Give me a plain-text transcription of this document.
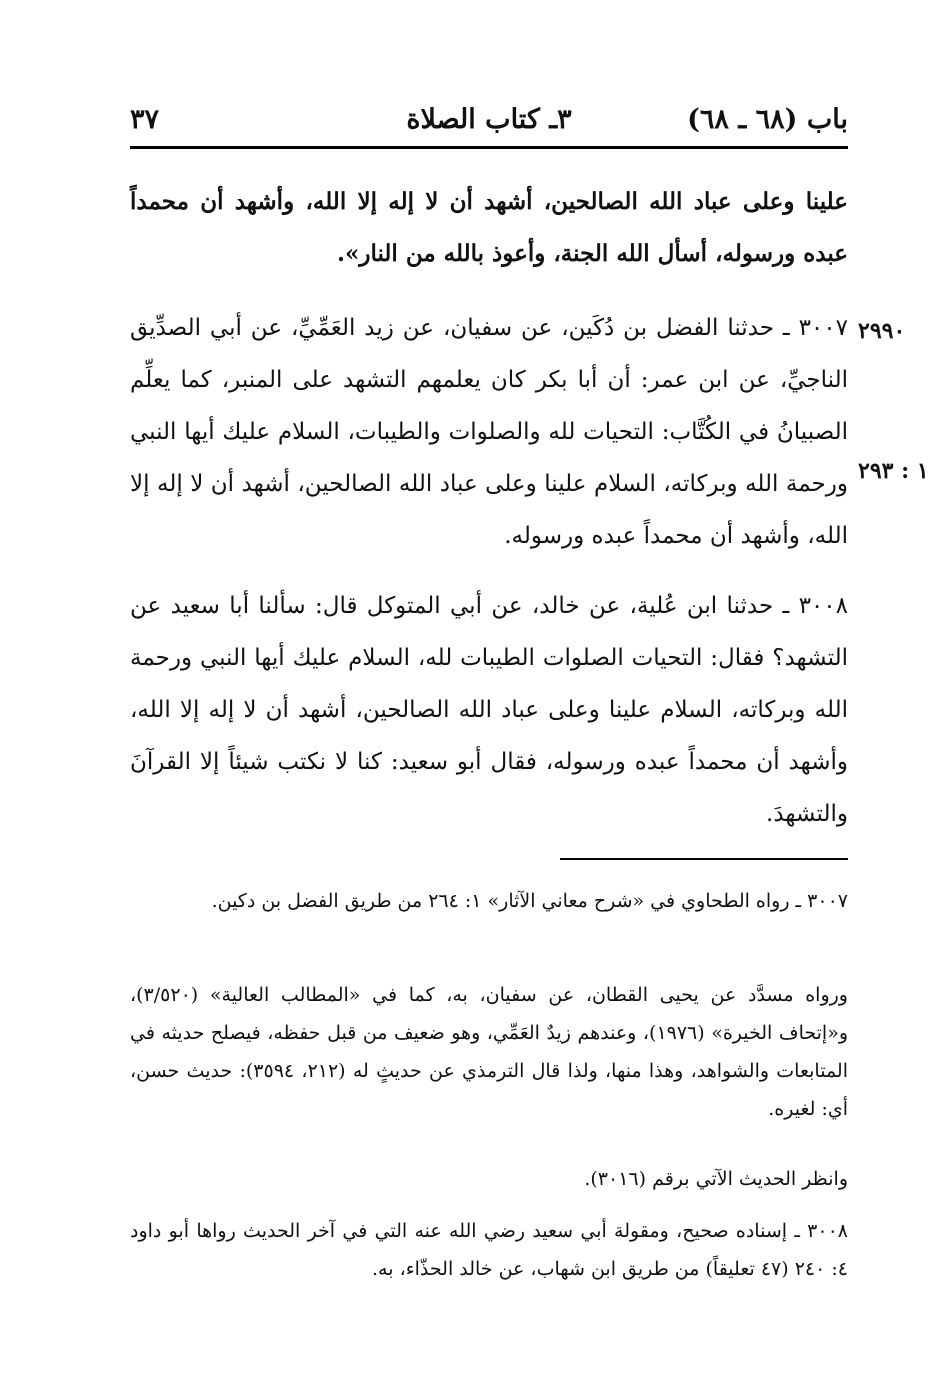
باب (٦٨ ـ ٦٨)
٣ـ كتاب الصلاة
٣٧
علينا وعلى عباد الله الصالحين، أشهد أن لا إله إلا الله، وأشهد أن محمداً عبده ورسوله، أسأل الله الجنة، وأعوذ بالله من النار».
٢٩٩٠
١ : ٢٩٣
٣٠٠٧ ـ حدثنا الفضل بن دُكَين، عن سفيان، عن زيد العَمِّيِّ، عن أبي الصدِّيق الناجيِّ، عن ابن عمر: أن أبا بكر كان يعلمهم التشهد على المنبر، كما يعلِّم الصبيانُ في الكُتَّاب: التحيات لله والصلوات والطيبات، السلام عليك أيها النبي ورحمة الله وبركاته، السلام علينا وعلى عباد الله الصالحين، أشهد أن لا إله إلا الله، وأشهد أن محمداً عبده ورسوله.
٣٠٠٨ ـ حدثنا ابن عُلية، عن خالد، عن أبي المتوكل قال: سألنا أبا سعيد عن التشهد؟ فقال: التحيات الصلوات الطيبات لله، السلام عليك أيها النبي ورحمة الله وبركاته، السلام علينا وعلى عباد الله الصالحين، أشهد أن لا إله إلا الله، وأشهد أن محمداً عبده ورسوله، فقال أبو سعيد: كنا لا نكتب شيئاً إلا القرآنَ والتشهدَ.
٣٠٠٧ ـ رواه الطحاوي في «شرح معاني الآثار» ١: ٢٦٤ من طريق الفضل بن دكين.
ورواه مسدَّد عن يحيى القطان، عن سفيان، به، كما في «المطالب العالية» (٣/٥٢٠)، و«إتحاف الخيرة» (١٩٧٦)، وعندهم زيدٌ العَمِّي، وهو ضعيف من قبل حفظه، فيصلح حديثه في المتابعات والشواهد، وهذا منها، ولذا قال الترمذي عن حديثٍ له (٢١٢، ٣٥٩٤): حديث حسن، أي: لغيره.
وانظر الحديث الآتي برقم (٣٠١٦).
٣٠٠٨ ـ إسناده صحيح، ومقولة أبي سعيد رضي الله عنه التي في آخر الحديث رواها أبو داود ٤: ٢٤٠ (٤٧ تعليقاً) من طريق ابن شهاب، عن خالد الحذّاء، به.
